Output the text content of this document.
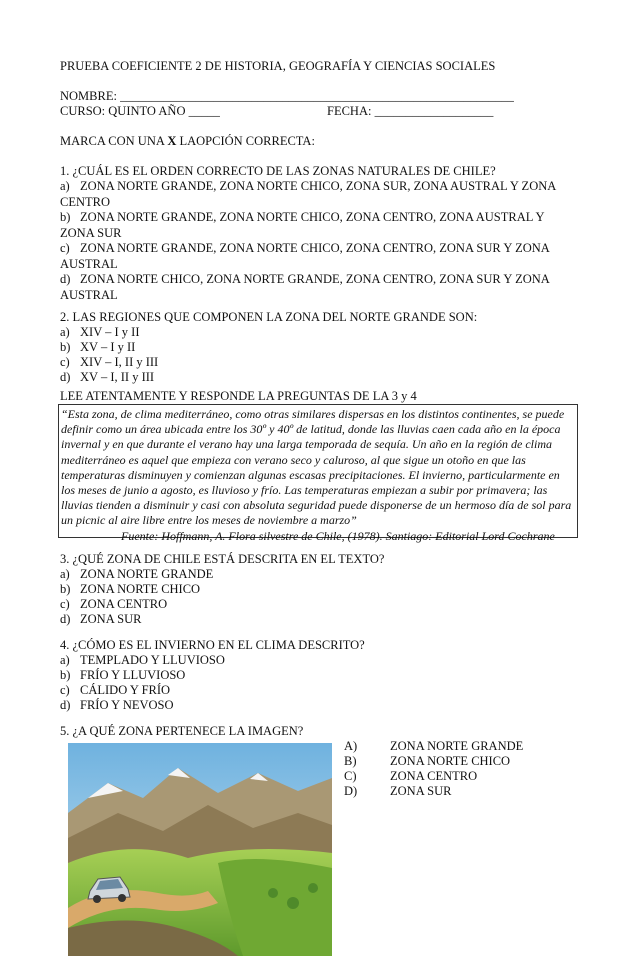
PRUEBA COEFICIENTE 2 DE HISTORIA, GEOGRAFÍA Y CIENCIAS SOCIALES
NOMBRE: _______________________________________________________________
CURSO: QUINTO AÑO _____	FECHA: ___________________
MARCA CON UNA X LAOPCIÓN CORRECTA:
1. ¿CUÁL ES EL ORDEN CORRECTO DE LAS ZONAS NATURALES DE CHILE?
a) ZONA NORTE GRANDE, ZONA NORTE CHICO, ZONA SUR, ZONA AUSTRAL Y ZONA CENTRO
b) ZONA NORTE GRANDE, ZONA NORTE CHICO, ZONA CENTRO, ZONA AUSTRAL Y ZONA SUR
c) ZONA NORTE GRANDE, ZONA NORTE CHICO, ZONA CENTRO, ZONA SUR Y ZONA AUSTRAL
d) ZONA NORTE CHICO, ZONA NORTE GRANDE, ZONA CENTRO, ZONA SUR Y ZONA AUSTRAL
2. LAS REGIONES QUE COMPONEN LA ZONA DEL NORTE GRANDE SON:
a) XIV – I y II
b) XV – I y II
c) XIV – I, II y III
d) XV – I, II y III
LEE ATENTAMENTE Y RESPONDE LA PREGUNTAS DE LA 3 y 4
“Esta zona, de clima mediterráneo, como otras similares dispersas en los distintos continentes, se puede definir como un área ubicada entre los 30º y 40º de latitud, donde las lluvias caen cada año en la época invernal y en que durante el verano hay una larga temporada de sequía. Un año en la región de clima mediterráneo es aquel que empieza con verano seco y caluroso, al que sigue un otoño en que las temperaturas disminuyen y comienzan algunas escasas precipitaciones. El invierno, particularmente en los meses de junio a agosto, es lluvioso y frío. Las temperaturas empiezan a subir por primavera; las lluvias tienden a disminuir y casi con absoluta seguridad puede disponerse de un hermoso día de sol para un picnic al aire libre entre los meses de noviembre a marzo”
Fuente: Hoffmann, A. Flora silvestre de Chile, (1978). Santiago: Editorial Lord Cochrane
3. ¿QUÉ ZONA DE CHILE ESTÁ DESCRITA EN EL TEXTO?
a) ZONA NORTE GRANDE
b) ZONA NORTE CHICO
c) ZONA CENTRO
d) ZONA SUR
4. ¿CÓMO ES EL INVIERNO EN EL CLIMA DESCRITO?
a) TEMPLADO Y LLUVIOSO
b) FRÍO Y LLUVIOSO
c) CÁLIDO Y FRÍO
d) FRÍO Y NEVOSO
5. ¿A QUÉ ZONA PERTENECE LA IMAGEN?
A)	ZONA NORTE GRANDE
B)	ZONA NORTE CHICO
C)	ZONA CENTRO
D)	ZONA SUR
